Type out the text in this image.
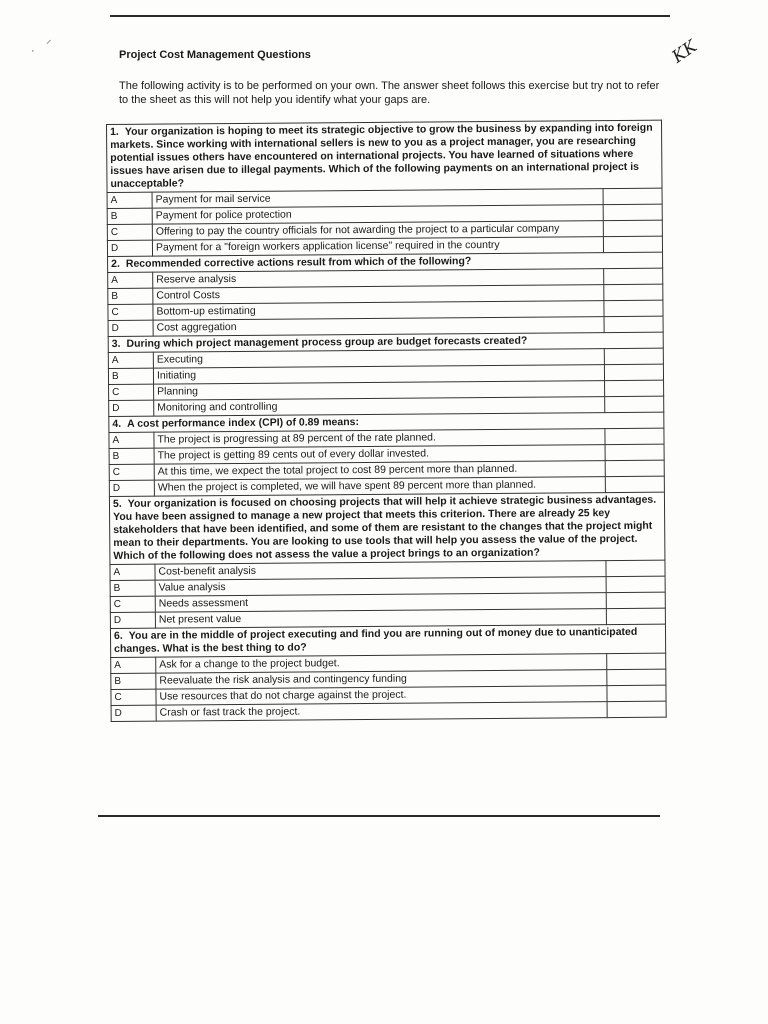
⸝
·	KK
Project Cost Management Questions

The following activity is to be performed on your own. The answer sheet follows this exercise but try not to refer to the sheet as this will not help you identify what your gaps are.

1. Your organization is hoping to meet its strategic objective to grow the business by expanding into foreign markets. Since working with international sellers is new to you as a project manager, you are researching potential issues others have encountered on international projects. You have learned of situations where issues have arisen due to illegal payments. Which of the following payments on an international project is unacceptable?		
A	Payment for mail service	
B	Payment for police protection	
C	Offering to pay the country officials for not awarding the project to a particular company	
D	Payment for a "foreign workers application license" required in the country	
2. Recommended corrective actions result from which of the following?		
A	Reserve analysis	
B	Control Costs	
C	Bottom-up estimating	
D	Cost aggregation	
3. During which project management process group are budget forecasts created?		
A	Executing	
B	Initiating	
C	Planning	
D	Monitoring and controlling	
4. A cost performance index (CPI) of 0.89 means:		
A	The project is progressing at 89 percent of the rate planned.	
B	The project is getting 89 cents out of every dollar invested.	
C	At this time, we expect the total project to cost 89 percent more than planned.	
D	When the project is completed, we will have spent 89 percent more than planned.	
5. Your organization is focused on choosing projects that will help it achieve strategic business advantages. You have been assigned to manage a new project that meets this criterion. There are already 25 key stakeholders that have been identified, and some of them are resistant to the changes that the project might mean to their departments. You are looking to use tools that will help you assess the value of the project. Which of the following does not assess the value a project brings to an organization?		
A	Cost-benefit analysis	
B	Value analysis	
C	Needs assessment	
D	Net present value	
6. You are in the middle of project executing and find you are running out of money due to unanticipated changes. What is the best thing to do?		
A	Ask for a change to the project budget.	
B	Reevaluate the risk analysis and contingency funding	
C	Use resources that do not charge against the project.	
D	Crash or fast track the project.	
